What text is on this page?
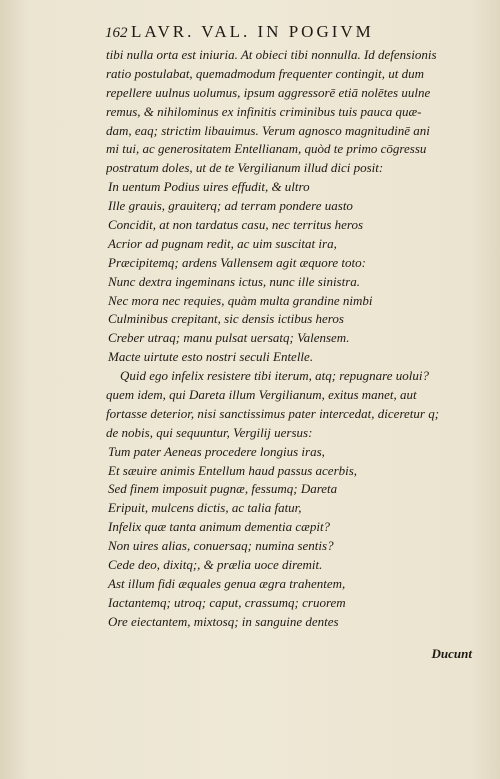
162 LAVR. VAL. IN POGIVM
tibi nulla orta est iniuria. At obieci tibi nonnulla. Id defensionis
ratio postulabat, quemadmodum frequenter contingit, ut dum
repellere uulnus uolumus, ipsum aggressorē etiā nolētes uulne
remus, & nihilominus ex infinitis criminibus tuis pauca quæ-
dam, eaq; strictim libauimus. Verum agnosco magnitudinē ani
mi tui, ac generositatem Entellianam, quòd te primo cōgressu
postratum doles, ut de te Vergilianum illud dici posit:
In uentum Podius uires effudit, & ultro
Ille grauis, grauiterq; ad terram pondere uasto
Concidit, at non tardatus casu, nec territus heros
Acrior ad pugnam redit, ac uim suscitat ira,
Præcipitemq; ardens Vallensem agit æquore toto:
Nunc dextra ingeminans ictus, nunc ille sinistra.
Nec mora nec requies, quàm multa grandine nimbi
Culminibus crepitant, sic densis ictibus heros
Creber utraq; manu pulsat uersatq; Valensem.
Macte uirtute esto nostri seculi Entelle.
Quid ego infelix resistere tibi iterum, atq; repugnare uolui?
quem idem, qui Dareta illum Vergilianum, exitus manet, aut
fortasse deterior, nisi sanctissimus pater intercedat, diceretur q;
de nobis, qui sequuntur, Vergilij uersus:
Tum pater Aeneas procedere longius iras,
Et sæuire animis Entellum haud passus acerbis,
Sed finem imposuit pugnæ, fessumq; Dareta
Eripuit, mulcens dictis, ac talia fatur,
Infelix quæ tanta animum dementia cæpit?
Non uires alias, conuersaq; numina sentis?
Cede deo, dixitq;, & prælia uoce diremit.
Ast illum fidi æquales genua ægra trahentem,
Iactantemq; utroq; caput, crassumq; cruorem
Ore eiectantem, mixtosq; in sanguine dentes
Ducunt
